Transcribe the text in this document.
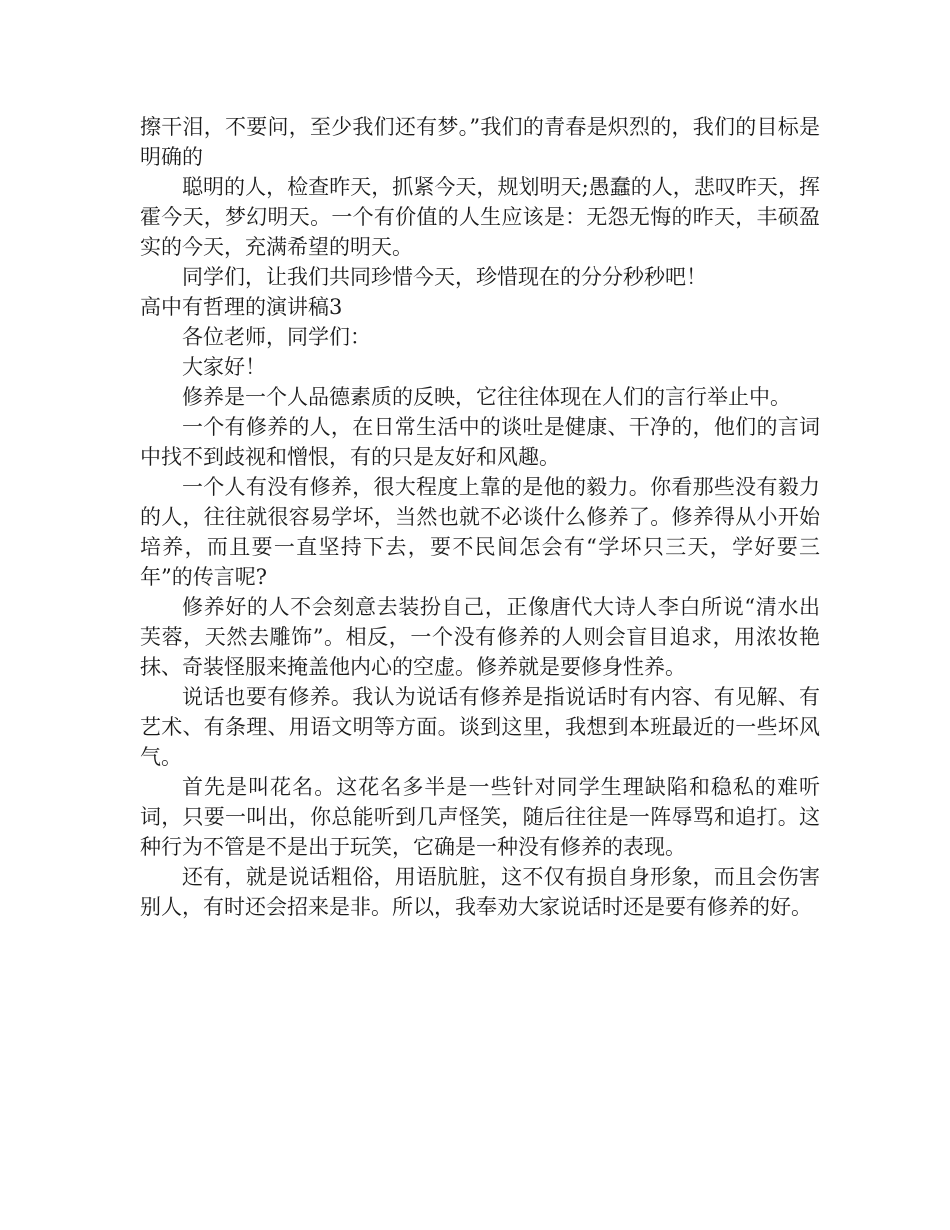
擦干泪，不要问，至少我们还有梦。”我们的青春是炽烈的，我们的目标是明确的

聪明的人，检查昨天，抓紧今天，规划明天;愚蠢的人，悲叹昨天，挥霍今天，梦幻明天。一个有价值的人生应该是：无怨无悔的昨天，丰硕盈实的今天，充满希望的明天。

同学们，让我们共同珍惜今天，珍惜现在的分分秒秒吧！

高中有哲理的演讲稿3

各位老师，同学们：

大家好！

修养是一个人品德素质的反映，它往往体现在人们的言行举止中。

一个有修养的人，在日常生活中的谈吐是健康、干净的，他们的言词中找不到歧视和憎恨，有的只是友好和风趣。

一个人有没有修养，很大程度上靠的是他的毅力。你看那些没有毅力的人，往往就很容易学坏，当然也就不必谈什么修养了。修养得从小开始培养，而且要一直坚持下去，要不民间怎会有“学坏只三天，学好要三年”的传言呢?

修养好的人不会刻意去装扮自己，正像唐代大诗人李白所说“清水出芙蓉，天然去雕饰”。相反，一个没有修养的人则会盲目追求，用浓妆艳抹、奇装怪服来掩盖他内心的空虚。修养就是要修身性养。

说话也要有修养。我认为说话有修养是指说话时有内容、有见解、有艺术、有条理、用语文明等方面。谈到这里，我想到本班最近的一些坏风气。

首先是叫花名。这花名多半是一些针对同学生理缺陷和稳私的难听词，只要一叫出，你总能听到几声怪笑，随后往往是一阵辱骂和追打。这种行为不管是不是出于玩笑，它确是一种没有修养的表现。

还有，就是说话粗俗，用语肮脏，这不仅有损自身形象，而且会伤害别人，有时还会招来是非。所以，我奉劝大家说话时还是要有修养的好。
